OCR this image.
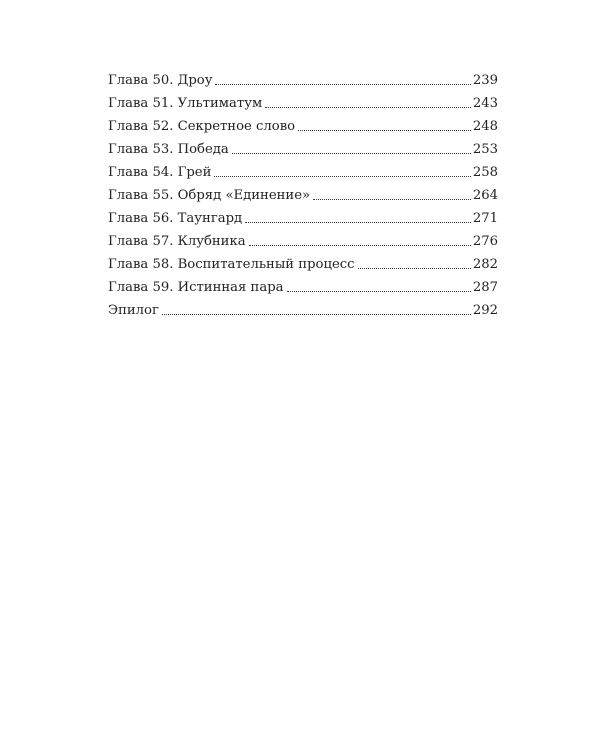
Глава 50. Дроу	239
Глава 51. Ультиматум	243
Глава 52. Секретное слово	248
Глава 53. Победа	253
Глава 54. Грей	258
Глава 55. Обряд «Единение»	264
Глава 56. Таунгард	271
Глава 57. Клубника	276
Глава 58. Воспитательный процесс	282
Глава 59. Истинная пара	287
Эпилог	292
